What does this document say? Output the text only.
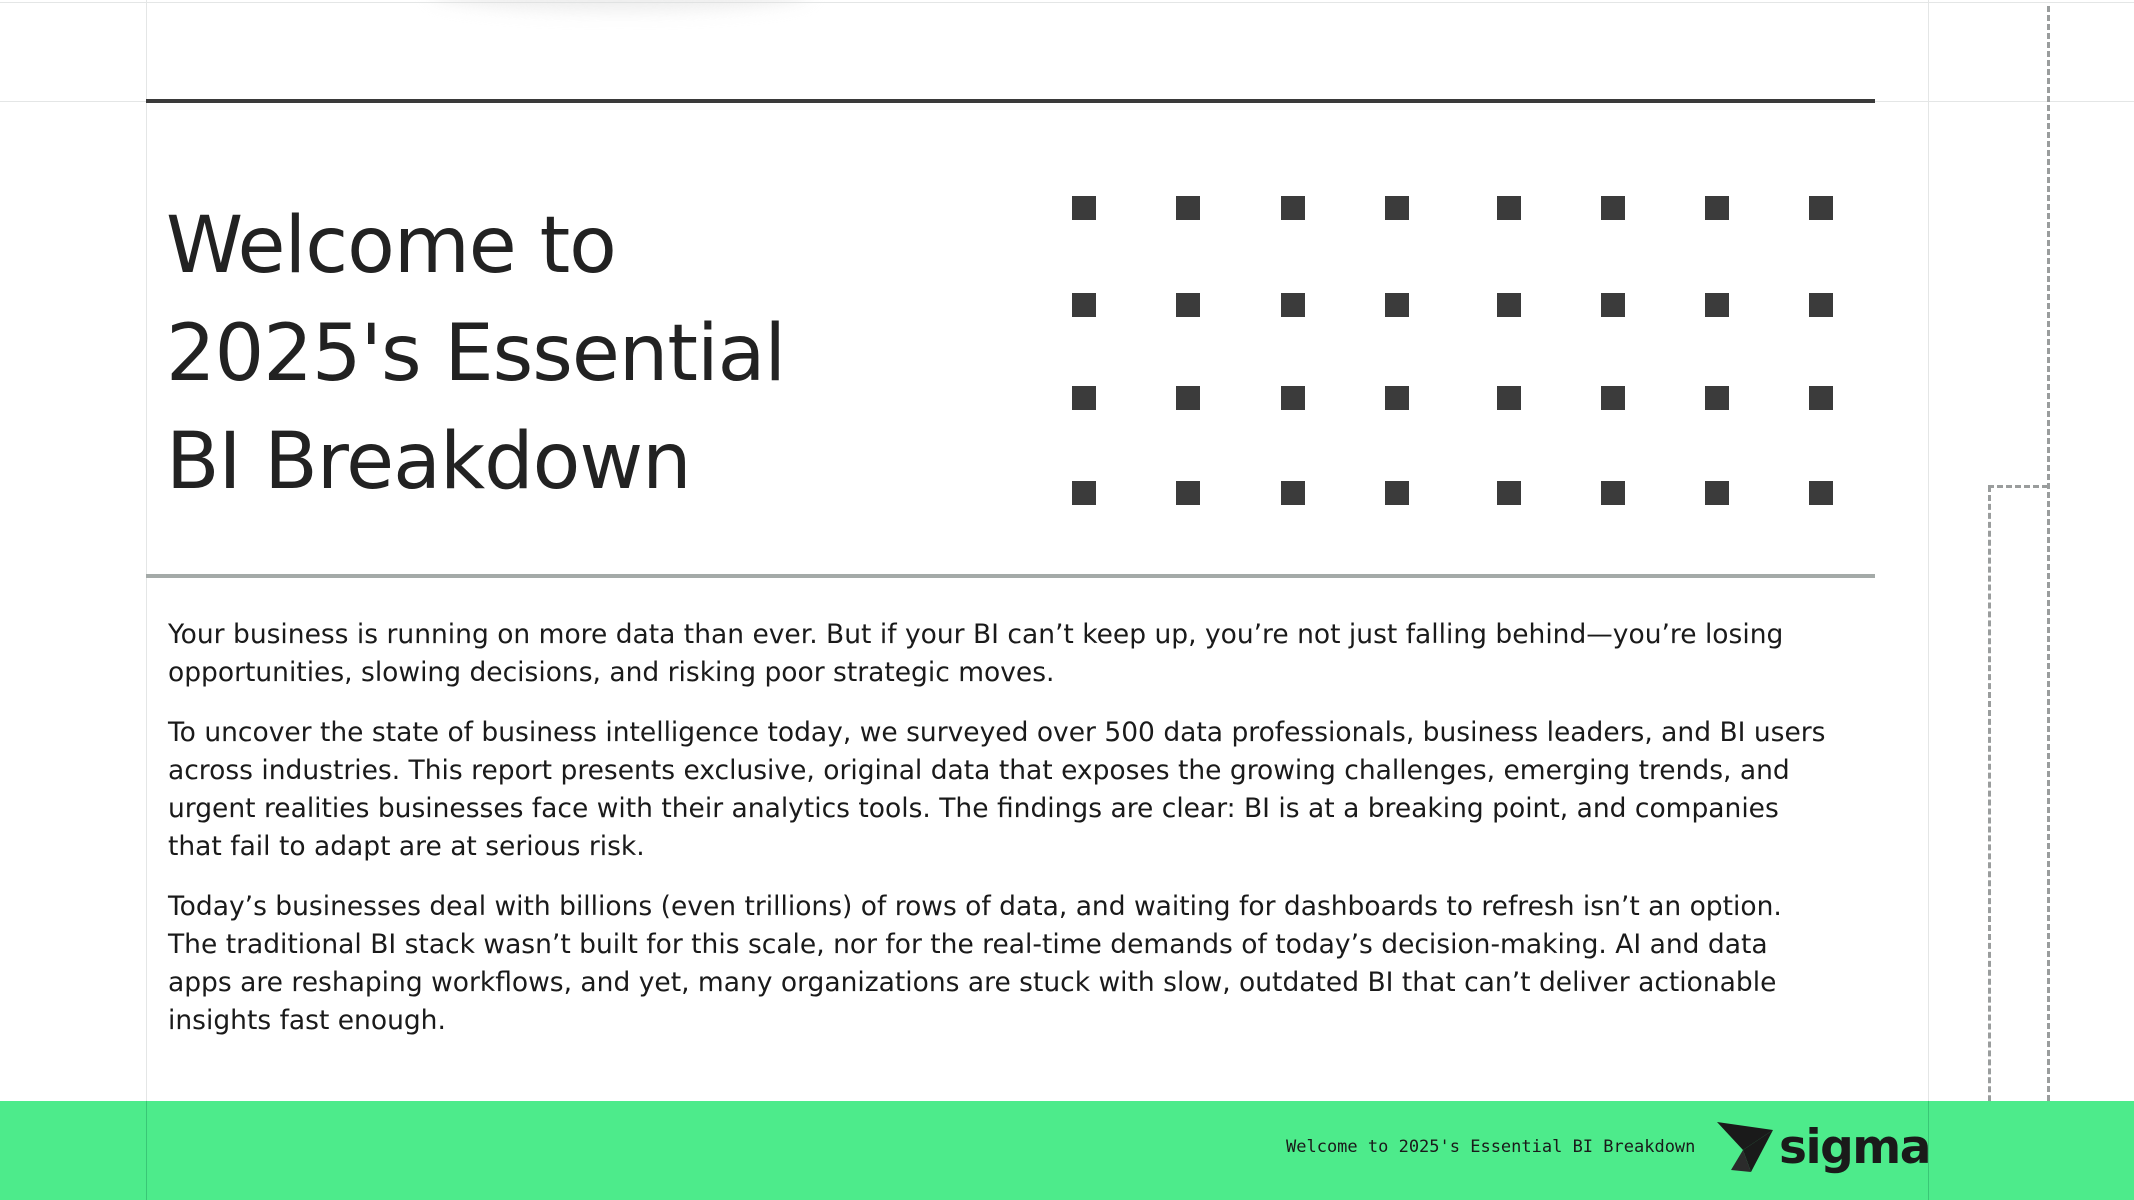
Welcome to
2025's Essential
BI Breakdown

Your business is running on more data than ever. But if your BI can’t keep up, you’re not just falling behind—you’re losing opportunities, slowing decisions, and risking poor strategic moves.

To uncover the state of business intelligence today, we surveyed over 500 data professionals, business leaders, and BI users across industries. This report presents exclusive, original data that exposes the growing challenges, emerging trends, and urgent realities businesses face with their analytics tools. The findings are clear: BI is at a breaking point, and companies that fail to adapt are at serious risk.

Today’s businesses deal with billions (even trillions) of rows of data, and waiting for dashboards to refresh isn’t an option. The traditional BI stack wasn’t built for this scale, nor for the real-time demands of today’s decision-making. AI and data apps are reshaping workflows, and yet, many organizations are stuck with slow, outdated BI that can’t deliver actionable insights fast enough.

Welcome to 2025's Essential BI Breakdown sigma
